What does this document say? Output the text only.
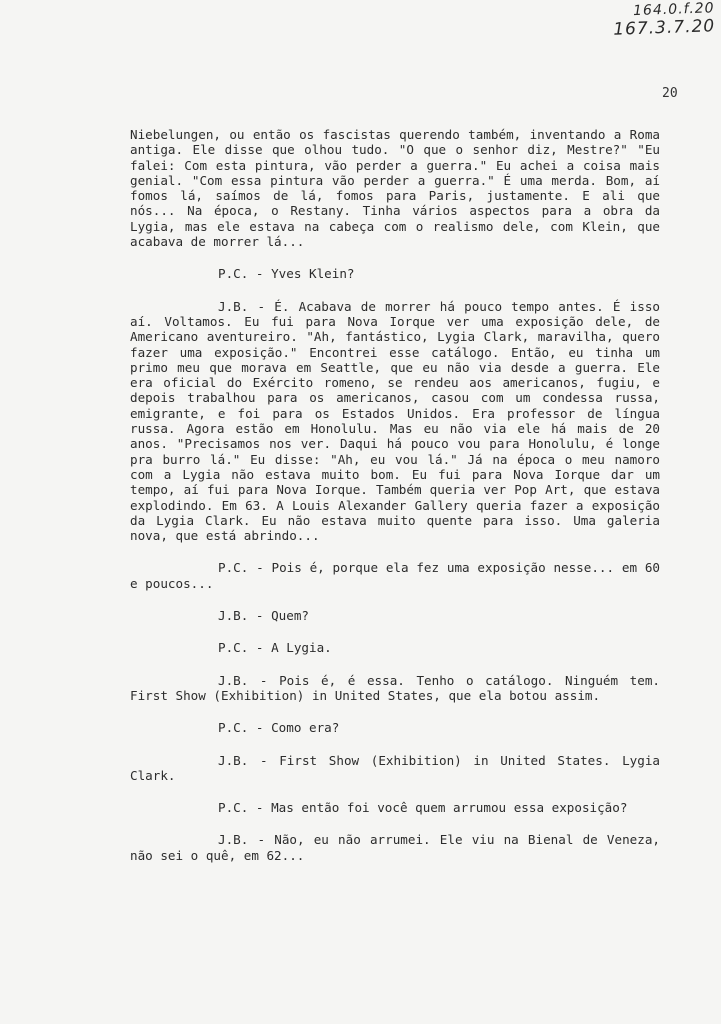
164.0.f.20
167.3.7.20
20

Niebelungen, ou então os fascistas querendo também, inventando a Roma antiga. Ele disse que olhou tudo. "O que o senhor diz, Mestre?" "Eu falei: Com esta pintura, vão perder a guerra." Eu achei a coisa mais genial. "Com essa pintura vão perder a guerra." É uma merda. Bom, aí fomos lá, saímos de lá, fomos para Paris, justamente. E ali que nós... Na época, o Restany. Tinha vários aspectos para a obra da Lygia, mas ele estava na cabeça com o realismo dele, com Klein, que acabava de morrer lá...

P.C. - Yves Klein?

J.B. - É. Acabava de morrer há pouco tempo antes. É isso aí. Voltamos. Eu fui para Nova Iorque ver uma exposição dele, de Americano aventureiro. "Ah, fantástico, Lygia Clark, maravilha, quero fazer uma exposição." Encontrei esse catálogo. Então, eu tinha um primo meu que morava em Seattle, que eu não via desde a guerra. Ele era oficial do Exército romeno, se rendeu aos americanos, fugiu, e depois trabalhou para os americanos, casou com um condessa russa, emigrante, e foi para os Estados Unidos. Era professor de língua russa. Agora estão em Honolulu. Mas eu não via ele há mais de 20 anos. "Precisamos nos ver. Daqui há pouco vou para Honolulu, é longe pra burro lá." Eu disse: "Ah, eu vou lá." Já na época o meu namoro com a Lygia não estava muito bom. Eu fui para Nova Iorque dar um tempo, aí fui para Nova Iorque. Também queria ver Pop Art, que estava explodindo. Em 63. A Louis Alexander Gallery queria fazer a exposição da Lygia Clark. Eu não estava muito quente para isso. Uma galeria nova, que está abrindo...

P.C. - Pois é, porque ela fez uma exposição nesse... em 60 e poucos...

J.B. - Quem?

P.C. - A Lygia.

J.B. - Pois é, é essa. Tenho o catálogo. Ninguém tem. First Show (Exhibition) in United States, que ela botou assim.

P.C. - Como era?

J.B. - First Show (Exhibition) in United States. Lygia Clark.

P.C. - Mas então foi você quem arrumou essa exposição?

J.B. - Não, eu não arrumei. Ele viu na Bienal de Veneza, não sei o quê, em 62...
